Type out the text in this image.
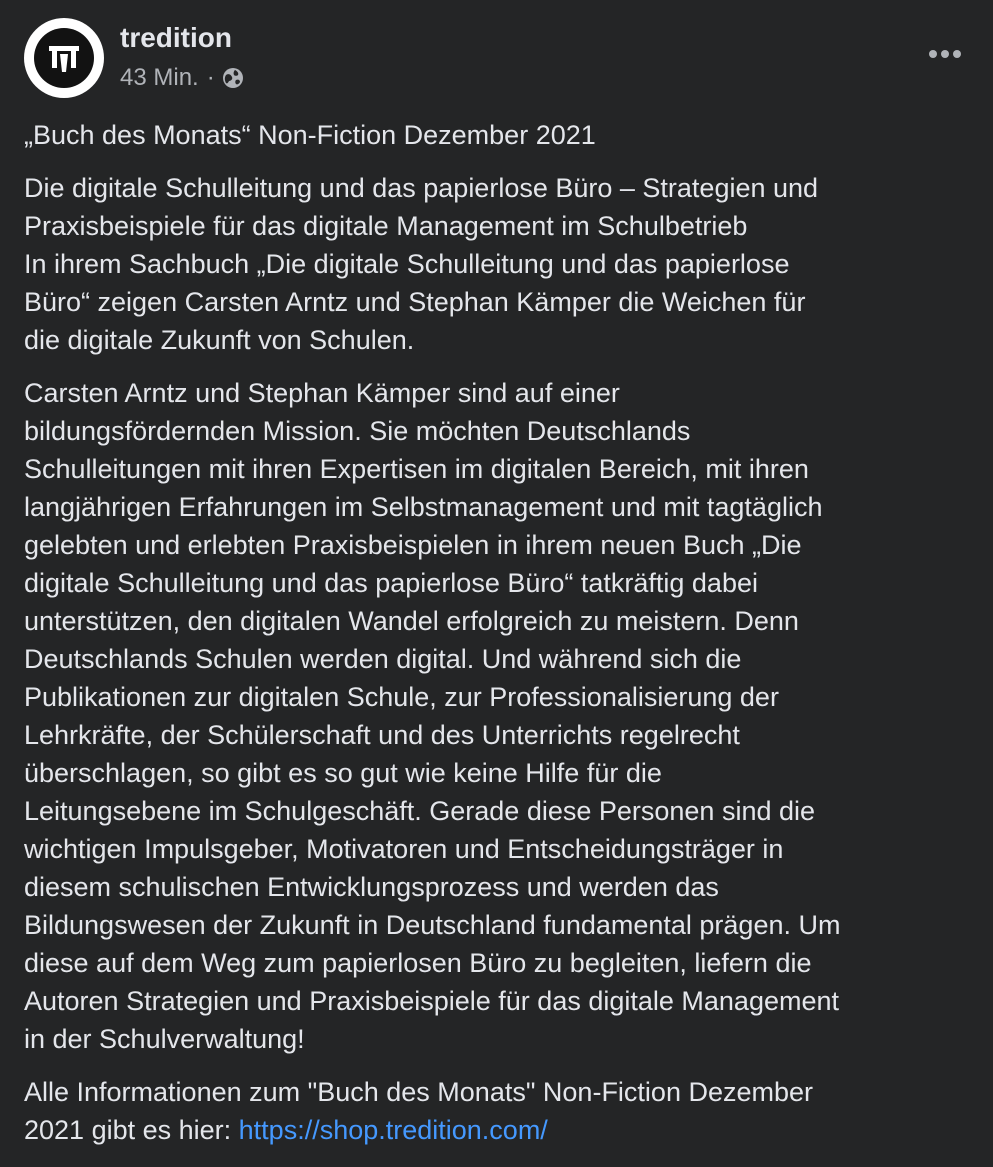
tredition
43 Min. ·

„Buch des Monats“ Non-Fiction Dezember 2021

Die digitale Schulleitung und das papierlose Büro – Strategien und
Praxisbeispiele für das digitale Management im Schulbetrieb
In ihrem Sachbuch „Die digitale Schulleitung und das papierlose
Büro“ zeigen Carsten Arntz und Stephan Kämper die Weichen für
die digitale Zukunft von Schulen.

Carsten Arntz und Stephan Kämper sind auf einer
bildungsfördernden Mission. Sie möchten Deutschlands
Schulleitungen mit ihren Expertisen im digitalen Bereich, mit ihren
langjährigen Erfahrungen im Selbstmanagement und mit tagtäglich
gelebten und erlebten Praxisbeispielen in ihrem neuen Buch „Die
digitale Schulleitung und das papierlose Büro“ tatkräftig dabei
unterstützen, den digitalen Wandel erfolgreich zu meistern. Denn
Deutschlands Schulen werden digital. Und während sich die
Publikationen zur digitalen Schule, zur Professionalisierung der
Lehrkräfte, der Schülerschaft und des Unterrichts regelrecht
überschlagen, so gibt es so gut wie keine Hilfe für die
Leitungsebene im Schulgeschäft. Gerade diese Personen sind die
wichtigen Impulsgeber, Motivatoren und Entscheidungsträger in
diesem schulischen Entwicklungsprozess und werden das
Bildungswesen der Zukunft in Deutschland fundamental prägen. Um
diese auf dem Weg zum papierlosen Büro zu begleiten, liefern die
Autoren Strategien und Praxisbeispiele für das digitale Management
in der Schulverwaltung!

Alle Informationen zum "Buch des Monats" Non-Fiction Dezember
2021 gibt es hier: https://shop.tredition.com/
